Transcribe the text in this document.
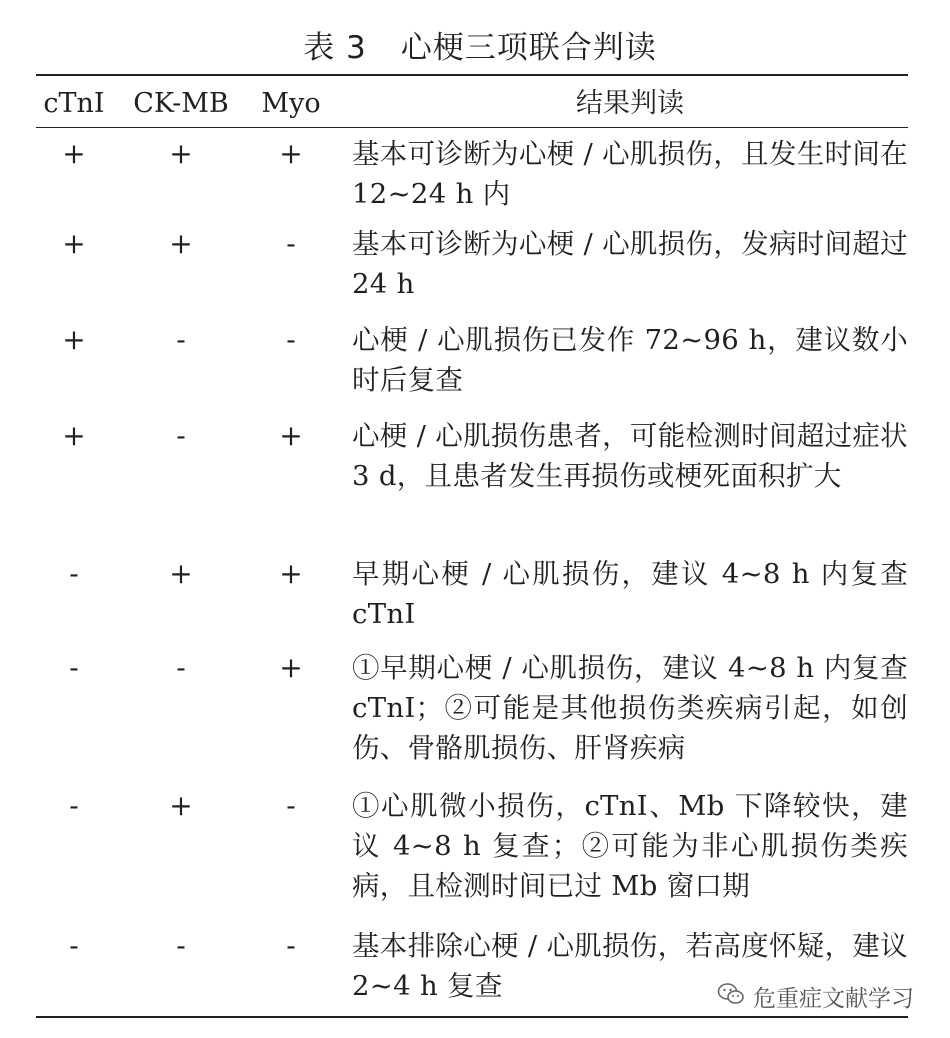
表 3 心梗三项联合判读
cTnI	CK-MB	Myo	结果判读
+	+	+	基本可诊断为心梗 / 心肌损伤，且发生时间在 12~24 h 内
+	+	-	基本可诊断为心梗 / 心肌损伤，发病时间超过 24 h
+	-	-	心梗 / 心肌损伤已发作 72~96 h，建议数小时后复查
+	-	+	心梗 / 心肌损伤患者，可能检测时间超过症状 3 d，且患者发生再损伤或梗死面积扩大
-	+	+	早期心梗 / 心肌损伤，建议 4~8 h 内复查 cTnI
-	-	+	①早期心梗 / 心肌损伤，建议 4~8 h 内复查 cTnI；②可能是其他损伤类疾病引起，如创伤、骨骼肌损伤、肝肾疾病
-	+	-	①心肌微小损伤，cTnI、Mb 下降较快，建议 4~8 h 复查；②可能为非心肌损伤类疾病，且检测时间已过 Mb 窗口期
-	-	-	基本排除心梗 / 心肌损伤，若高度怀疑，建议 2~4 h 复查	危重症文献学习
